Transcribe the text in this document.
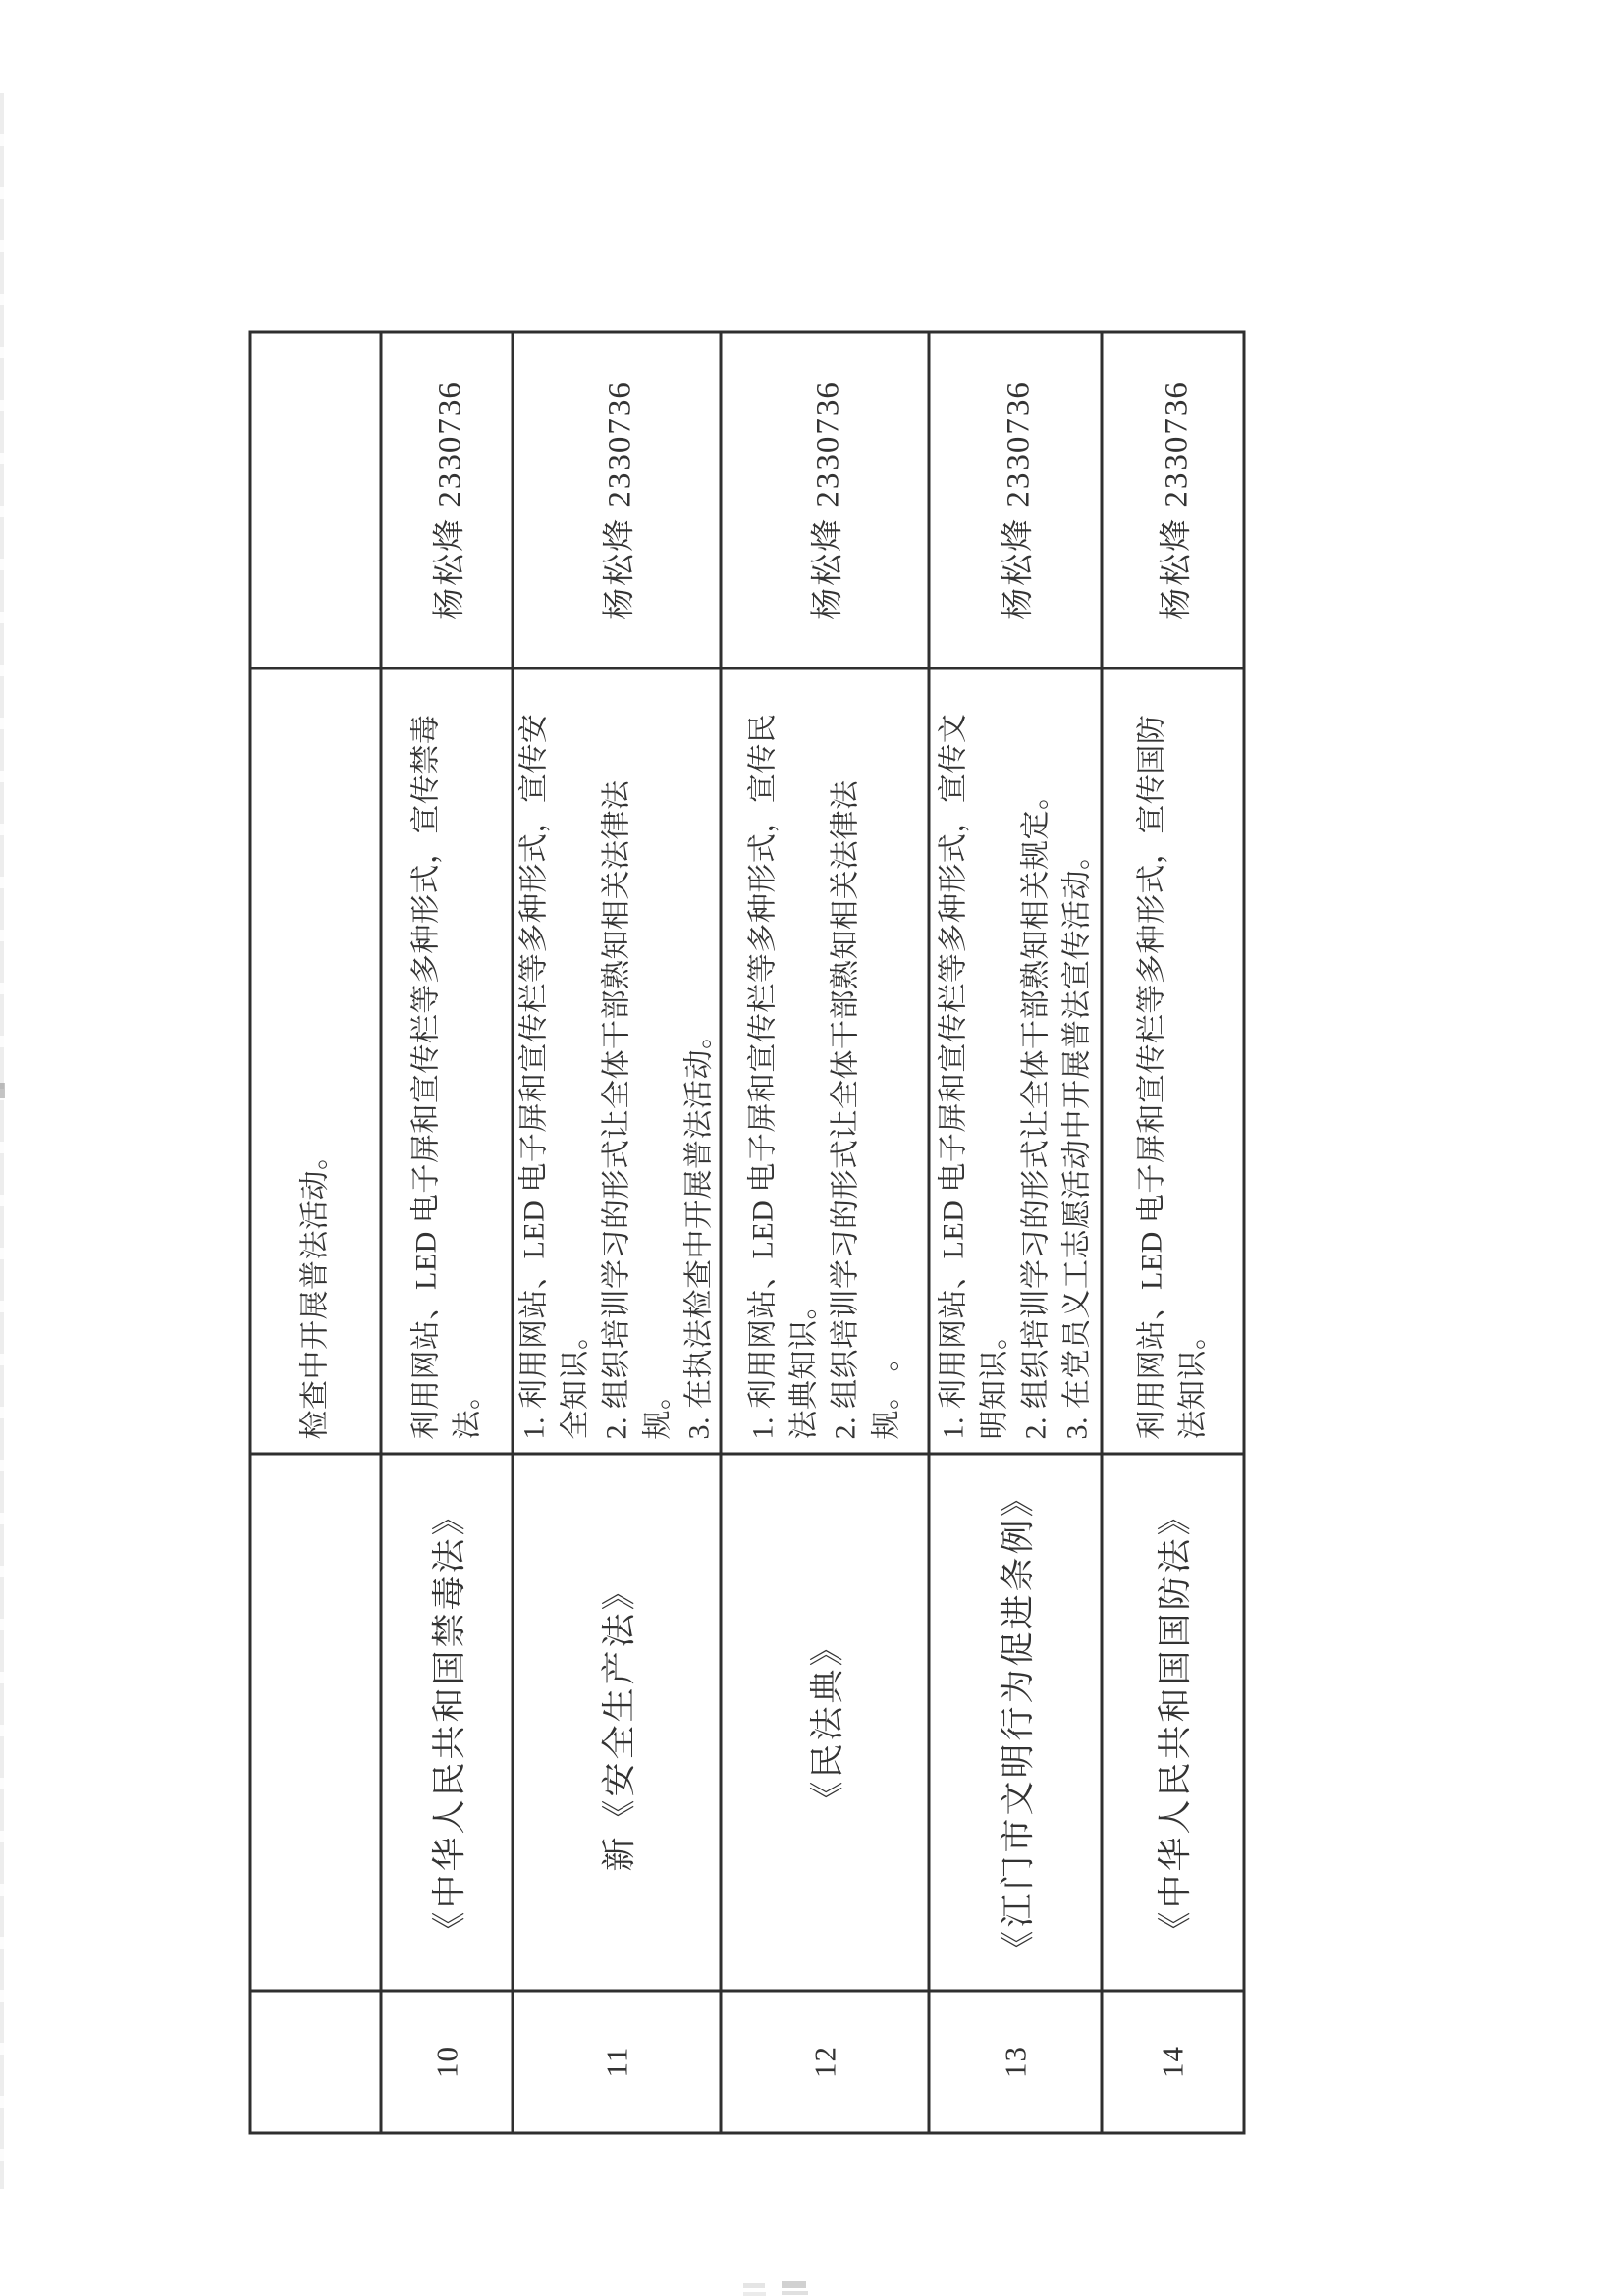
检查中开展普法活动。
10
《中华人民共和国禁毒法》
利用网站、LED 电子屏和宣传栏等多种形式，宣传禁毒 法。
杨松烽 2330736
11
新《安全生产法》
1. 利用网站、LED 电子屏和宣传栏等多种形式，宣传安 全知识。 2. 组织培训学习的形式让全体干部熟知相关法律法 规。 3. 在执法检查中开展普法活动。
杨松烽 2330736
12
《民法典》
1. 利用网站、LED 电子屏和宣传栏等多种形式，宣传民 法典知识。 2. 组织培训学习的形式让全体干部熟知相关法律法 规。 。
杨松烽 2330736
13
《江门市文明行为促进条例》
1. 利用网站、LED 电子屏和宣传栏等多种形式，宣传文 明知识。 2. 组织培训学习的形式让全体干部熟知相关规定。 3. 在党员义工志愿活动中开展普法宣传活动。
杨松烽 2330736
14
《中华人民共和国国防法》
利用网站、LED 电子屏和宣传栏等多种形式，宣传国防 法知识。
杨松烽 2330736
